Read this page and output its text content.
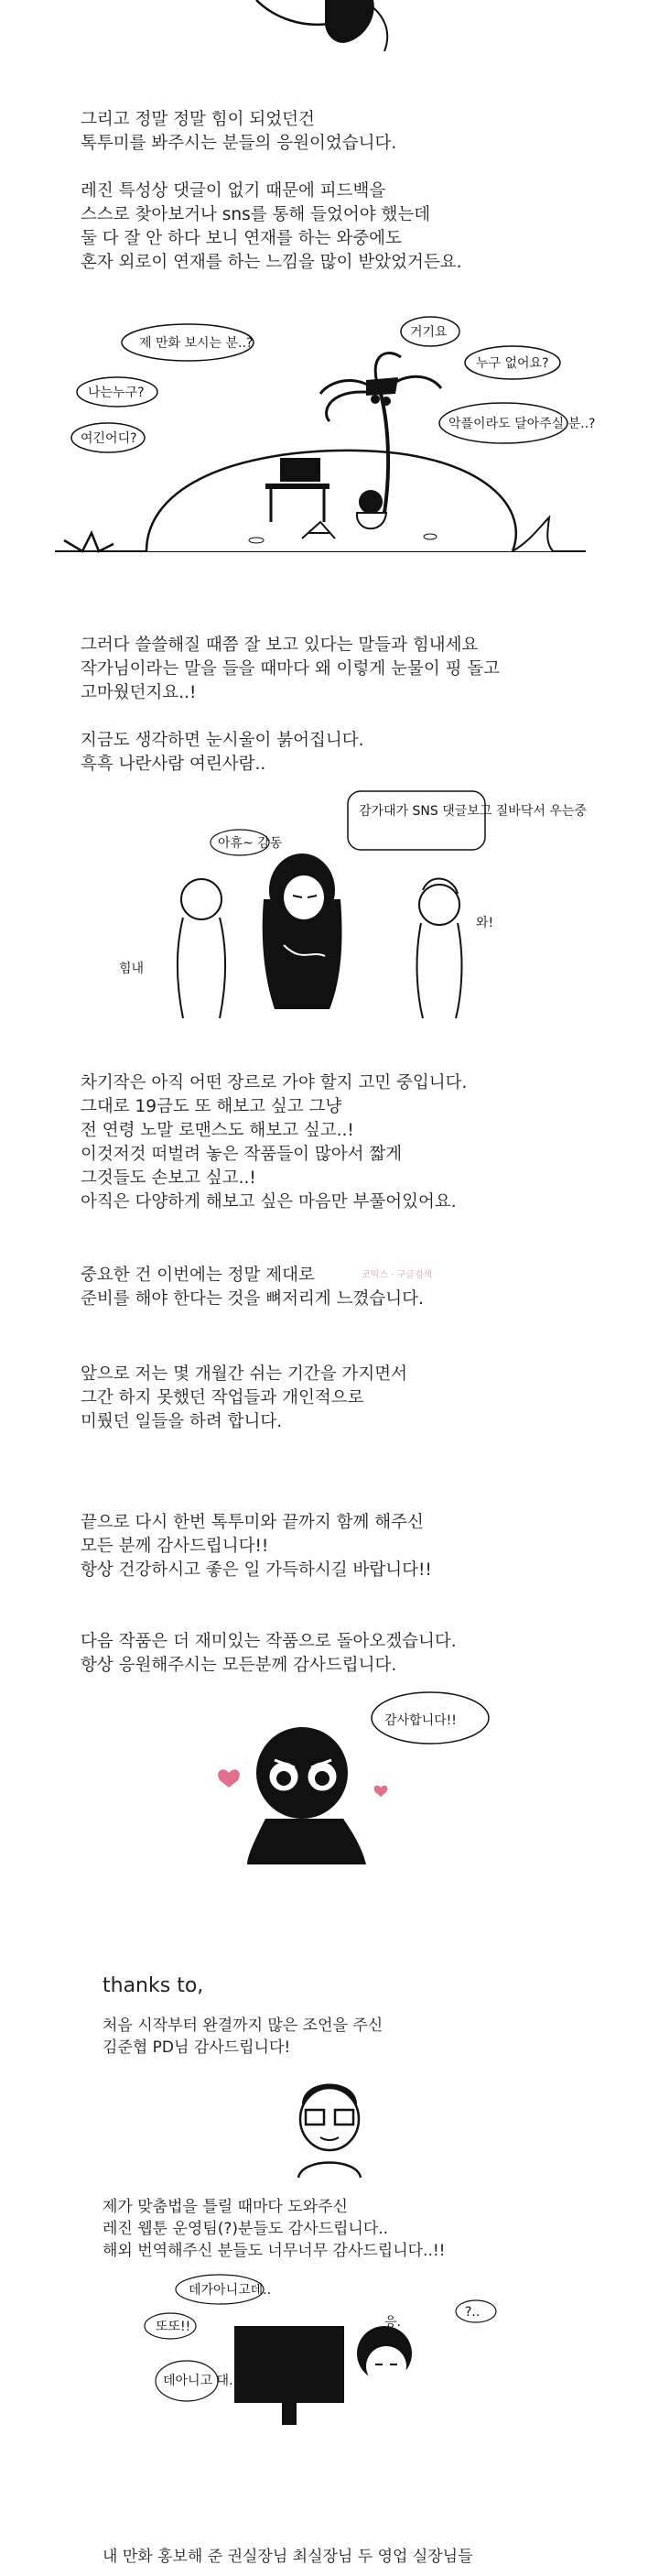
그리고 정말 정말 힘이 되었던건
톡투미를 봐주시는 분들의 응원이었습니다.
레진 특성상 댓글이 없기 때문에 피드백을
스스로 찾아보거나 sns를 통해 들었어야 했는데
둘 다 잘 안 하다 보니 연재를 하는 와중에도
혼자 외로이 연재를 하는 느낌을 많이 받았었거든요.
제 만화 보시는 분..?
거기요
누구 없어요?
나는누구?
여긴어디?
악플이라도 달아주실 분..?
그러다 쓸쓸해질 때쯤 잘 보고 있다는 말들과 힘내세요
작가님이라는 말을 들을 때마다 왜 이렇게 눈물이 핑 돌고
고마웠던지요..!
지금도 생각하면 눈시울이 붉어집니다.
흑흑 나란사람 여린사람..
감가대가 SNS 댓글보고 질바닥서 우는중
아휴~ 감동
힘내
와!
차기작은 아직 어떤 장르로 가야 할지 고민 중입니다.
그대로 19금도 또 해보고 싶고 그냥
전 연령 노말 로맨스도 해보고 싶고..!
이것저것 떠벌려 놓은 작품들이 많아서 짧게
그것들도 손보고 싶고..!
아직은 다양하게 해보고 싶은 마음만 부풀어있어요.
중요한 건 이번에는 정말 제대로
준비를 해야 한다는 것을 뼈저리게 느꼈습니다.
코믹스 · 구글검색
앞으로 저는 몇 개월간 쉬는 기간을 가지면서
그간 하지 못했던 작업들과 개인적으로
미뤘던 일들을 하려 합니다.
끝으로 다시 한번 톡투미와 끝까지 함께 해주신
모든 분께 감사드립니다!!
항상 건강하시고 좋은 일 가득하시길 바랍니다!!
다음 작품은 더 재미있는 작품으로 돌아오겠습니다.
항상 응원해주시는 모든분께 감사드립니다.
감사합니다!!
thanks to,
처음 시작부터 완결까지 많은 조언을 주신
김준협 PD님 감사드립니다!
제가 맞춤법을 틀릴 때마다 도와주신
레진 웹툰 운영팀(?)분들도 감사드립니다..
해외 번역해주신 분들도 너무너무 감사드립니다..!!
데가아니고데..
또또!!
데아니고 대..
?..
응.
내 만화 홍보해 준 권실장님 최실장님 두 영업 실장님들
